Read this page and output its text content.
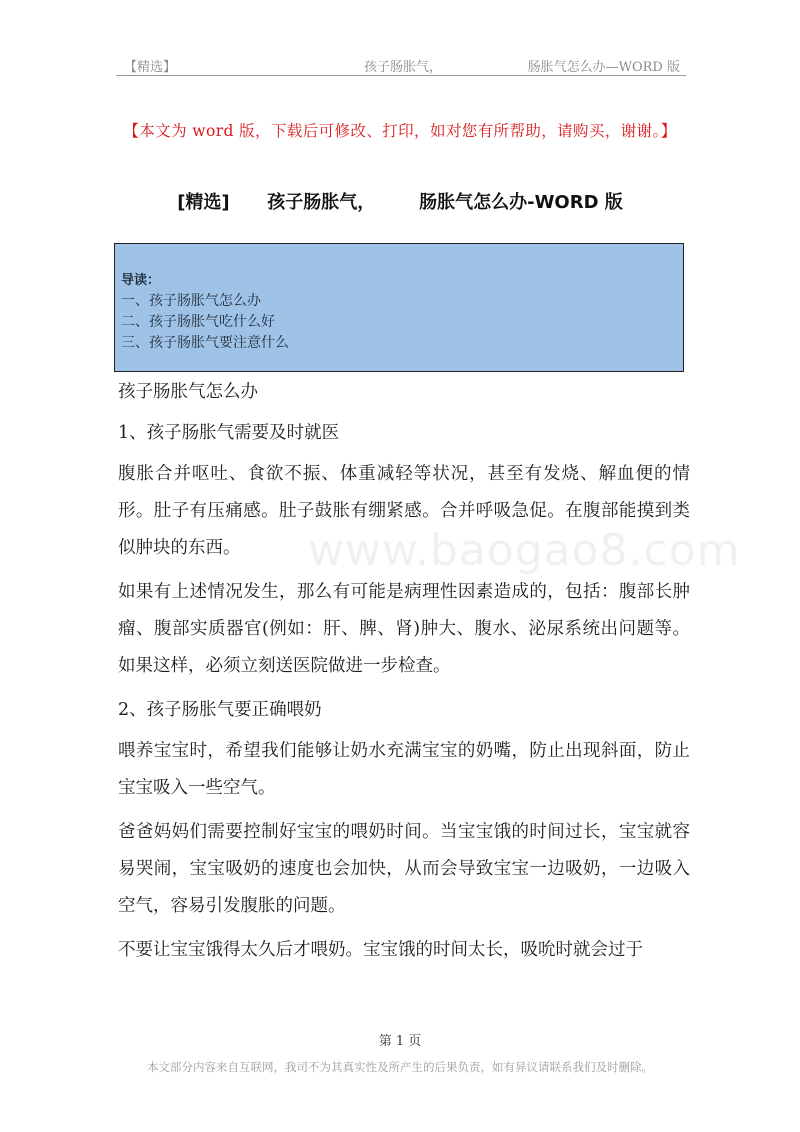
【精选】	孩子肠胀气，	肠胀气怎么办—WORD 版
【本文为 word 版，下载后可修改、打印，如对您有所帮助，请购买，谢谢。】
[精选]      孩子肠胀气，       肠胀气怎么办-WORD 版
导读：
一、孩子肠胀气怎么办
二、孩子肠胀气吃什么好
三、孩子肠胀气要注意什么
www.baogao8.com

孩子肠胀气怎么办

1、孩子肠胀气需要及时就医

腹胀合并呕吐、食欲不振、体重减轻等状况，甚至有发烧、解血便的情形。肚子有压痛感。肚子鼓胀有绷紧感。合并呼吸急促。在腹部能摸到类似肿块的东西。

如果有上述情况发生，那么有可能是病理性因素造成的，包括：腹部长肿瘤、腹部实质器官(例如：肝、脾、肾)肿大、腹水、泌尿系统出问题等。如果这样，必须立刻送医院做进一步检查。

2、孩子肠胀气要正确喂奶

喂养宝宝时，希望我们能够让奶水充满宝宝的奶嘴，防止出现斜面，防止宝宝吸入一些空气。

爸爸妈妈们需要控制好宝宝的喂奶时间。当宝宝饿的时间过长，宝宝就容易哭闹，宝宝吸奶的速度也会加快，从而会导致宝宝一边吸奶，一边吸入空气，容易引发腹胀的问题。

不要让宝宝饿得太久后才喂奶。宝宝饿的时间太长，吸吮时就会过于

第 1 页
本文部分内容来自互联网，我司不为其真实性及所产生的后果负责，如有异议请联系我们及时删除。
